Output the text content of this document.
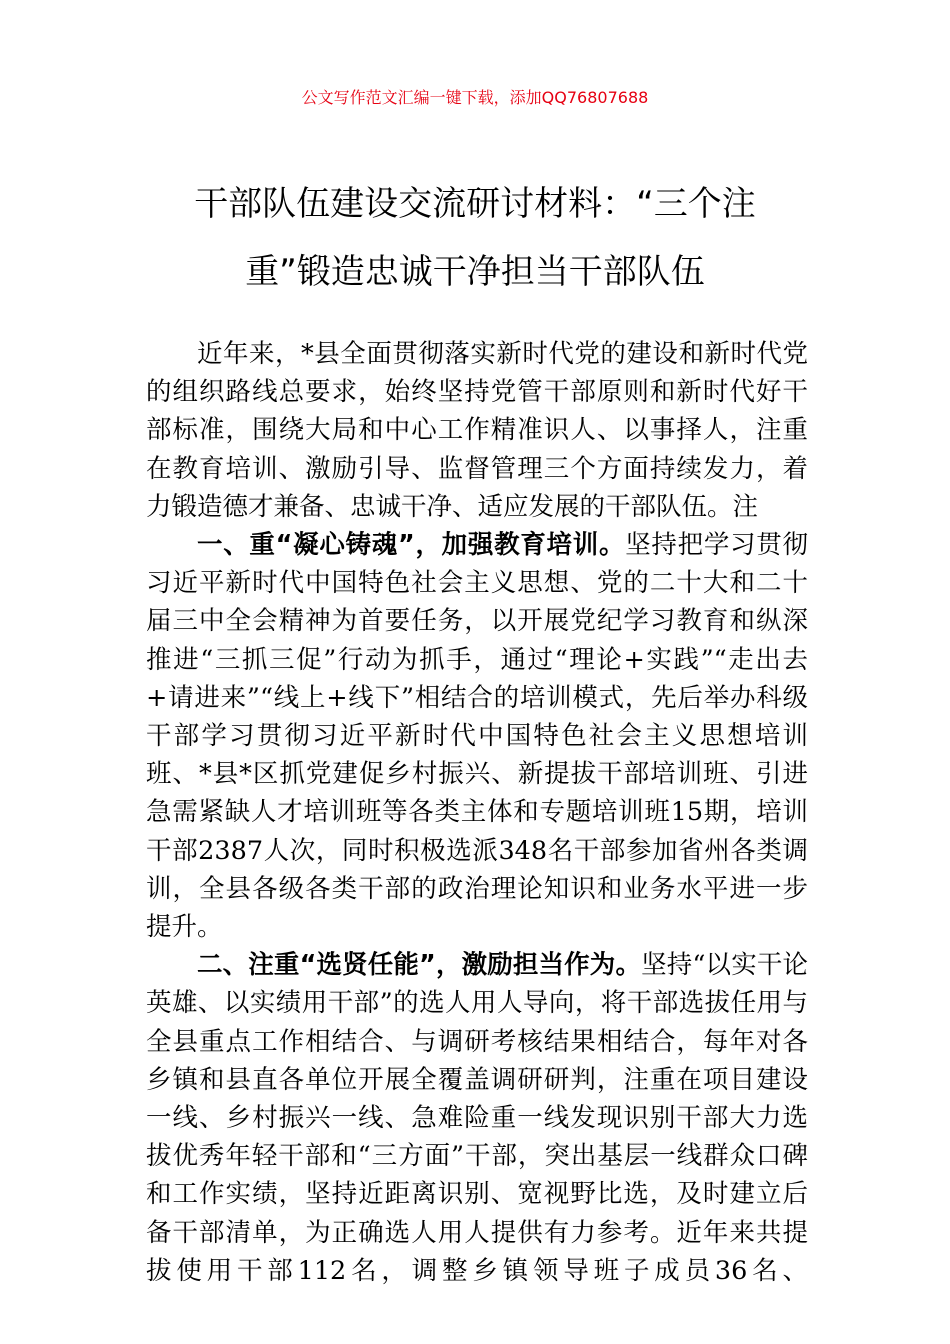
公文写作范文汇编一键下载，添加QQ76807688
干部队伍建设交流研讨材料：“三个注重”锻造忠诚干净担当干部队伍

近年来，*县全面贯彻落实新时代党的建设和新时代党的组织路线总要求，始终坚持党管干部原则和新时代好干部标准，围绕大局和中心工作精准识人、以事择人，注重在教育培训、激励引导、监督管理三个方面持续发力，着力锻造德才兼备、忠诚干净、适应发展的干部队伍。注

一、重“凝心铸魂”，加强教育培训。坚持把学习贯彻习近平新时代中国特色社会主义思想、党的二十大和二十届三中全会精神为首要任务，以开展党纪学习教育和纵深推进“三抓三促”行动为抓手，通过“理论+实践”“走出去+请进来”“线上+线下”相结合的培训模式，先后举办科级干部学习贯彻习近平新时代中国特色社会主义思想培训班、*县*区抓党建促乡村振兴、新提拔干部培训班、引进急需紧缺人才培训班等各类主体和专题培训班15期，培训干部2387人次，同时积极选派348名干部参加省州各类调训，全县各级各类干部的政治理论知识和业务水平进一步提升。

二、注重“选贤任能”，激励担当作为。坚持“以实干论英雄、以实绩用干部”的选人用人导向，将干部选拔任用与全县重点工作相结合、与调研考核结果相结合，每年对各乡镇和县直各单位开展全覆盖调研研判，注重在项目建设一线、乡村振兴一线、急难险重一线发现识别干部大力选拔优秀年轻干部和“三方面”干部，突出基层一线群众口碑和工作实绩，坚持近距离识别、宽视野比选，及时建立后备干部清单，为正确选人用人提供有力参考。近年来共提拔使用干部112名，调整乡镇领导班子成员36名、
